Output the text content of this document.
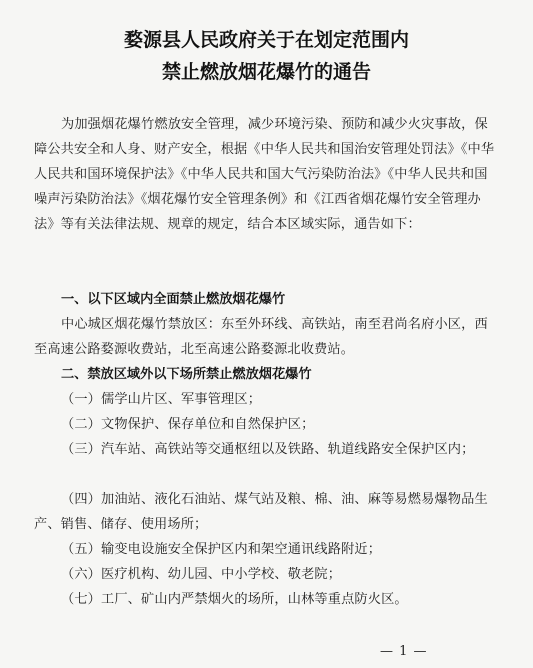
婺源县人民政府关于在划定范围内
禁止燃放烟花爆竹的通告

为加强烟花爆竹燃放安全管理，减少环境污染、预防和减少火灾事故，保障公共安全和人身、财产安全，根据《中华人民共和国治安管理处罚法》《中华人民共和国环境保护法》《中华人民共和国大气污染防治法》《中华人民共和国噪声污染防治法》《烟花爆竹安全管理条例》和《江西省烟花爆竹安全管理办法》等有关法律法规、规章的规定，结合本区域实际，通告如下：

一、以下区域内全面禁止燃放烟花爆竹

中心城区烟花爆竹禁放区：东至外环线、高铁站，南至君尚名府小区，西至高速公路婺源收费站，北至高速公路婺源北收费站。

二、禁放区域外以下场所禁止燃放烟花爆竹

（一）儒学山片区、军事管理区；

（二）文物保护、保存单位和自然保护区；

（三）汽车站、高铁站等交通枢纽以及铁路、轨道线路安全保护区内；

（四）加油站、液化石油站、煤气站及粮、棉、油、麻等易燃易爆物品生产、销售、储存、使用场所；

（五）输变电设施安全保护区内和架空通讯线路附近；

（六）医疗机构、幼儿园、中小学校、敬老院；

（七）工厂、矿山内严禁烟火的场所，山林等重点防火区。

— 1 —
